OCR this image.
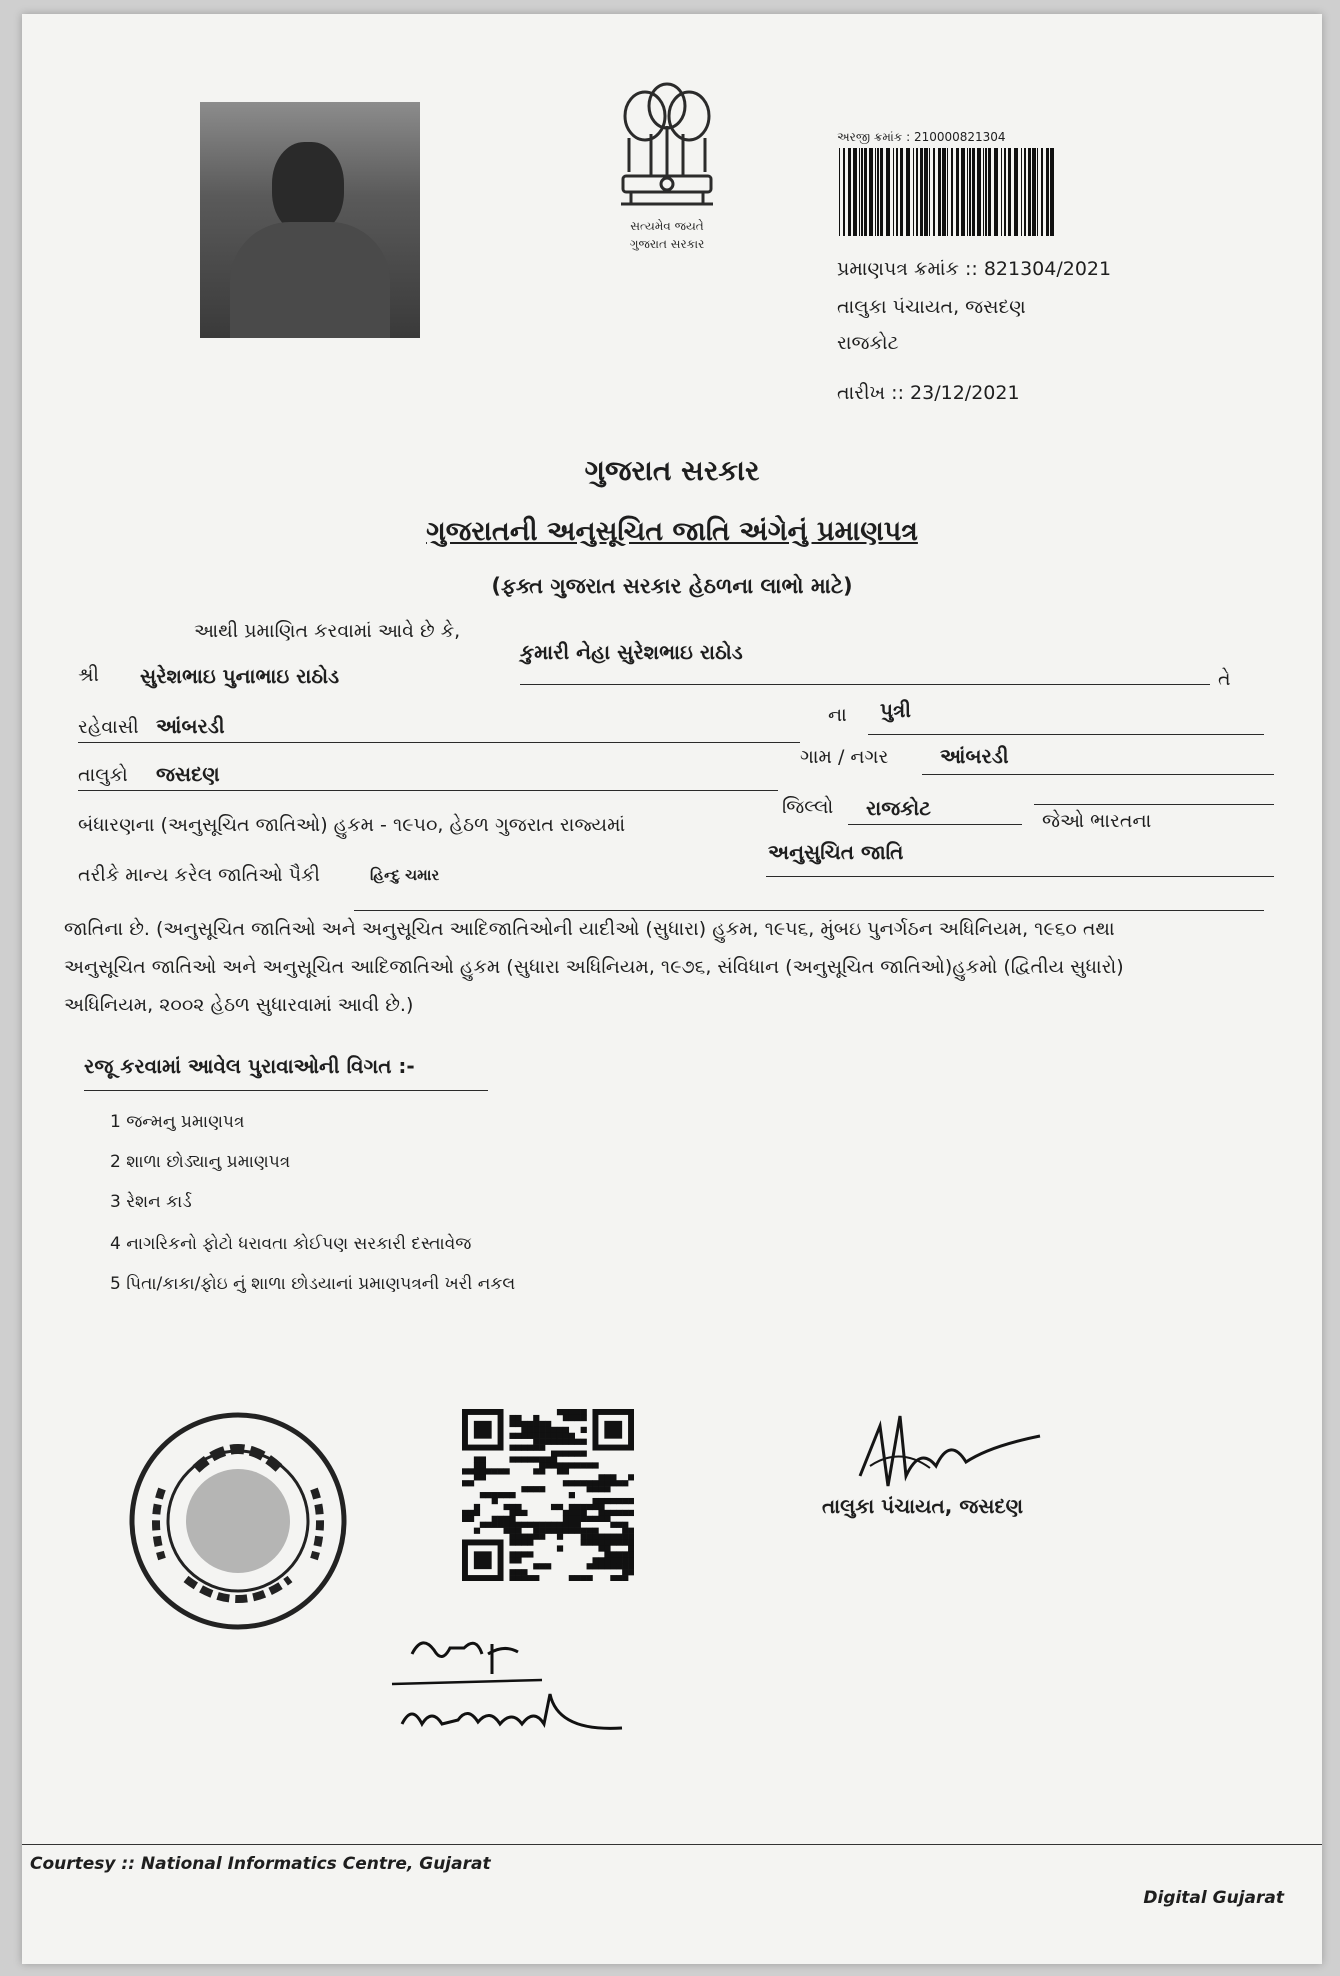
સત્યમેવ જયતે
ગુજરાત સરકાર
અરજી ક્રમાંક : 210000821304
પ્રમાણપત્ર ક્રમાંક :: 821304/2021
તાલુકા પંચાયત, જસદણ
રાજકોટ
તારીખ :: 23/12/2021
ગુજરાત સરકાર
ગુજરાતની અનુસૂચિત જાતિ અંગેનું પ્રમાણપત્ર
(ફક્ત ગુજરાત સરકાર હેઠળના લાભો માટે)
આથી પ્રમાણિત કરવામાં આવે છે કે,
કુમારી નેહા સુરેશભાઇ રાઠોડ
શ્રી સુરેશભાઇ પુનાભાઇ રાઠોડ	તે
ના પુત્રી
રહેવાસી આંબરડી
ગામ / નગર	આંબરડી
તાલુકો જસદણ
જિલ્લો રાજકોટ
જેઓ ભારતના
બંધારણના (અનુસૂચિત જાતિઓ) હુકમ - ૧૯૫૦, હેઠળ ગુજરાત રાજ્યમાં
અનુસુચિત જાતિ
તરીકે માન્ય કરેલ જાતિઓ પૈકી	હિન્દુ ચમાર
જાતિના છે. (અનુસૂચિત જાતિઓ અને અનુસૂચિત આદિજાતિઓની યાદીઓ (સુધારા) હુકમ, ૧૯૫૬, મુંબઇ પુનર્ગઠન અધિનિયમ, ૧૯૬૦ તથા
અનુસૂચિત જાતિઓ અને અનુસૂચિત આદિજાતિઓ હુકમ (સુધારા અધિનિયમ, ૧૯૭૬, સંવિધાન (અનુસૂચિત જાતિઓ)હુકમો (દ્વિતીય સુધારો)
અધિનિયમ, ૨૦૦૨ હેઠળ સુધારવામાં આવી છે.)
રજૂ કરવામાં આવેલ પુરાવાઓની વિગત :-
1 જન્મનુ પ્રમાણપત્ર
2 શાળા છોડ્યાનુ પ્રમાણપત્ર
3 રેશન કાર્ડ
4 નાગરિકનો ફોટો ધરાવતા કોઈપણ સરકારી દસ્તાવેજ
5 પિતા/કાકા/ફોઇ નું શાળા છોડયાનાં પ્રમાણપત્રની ખરી નકલ
તાલુકા પંચાયત, જસદણ
Courtesy :: National Informatics Centre, Gujarat
Digital Gujarat
